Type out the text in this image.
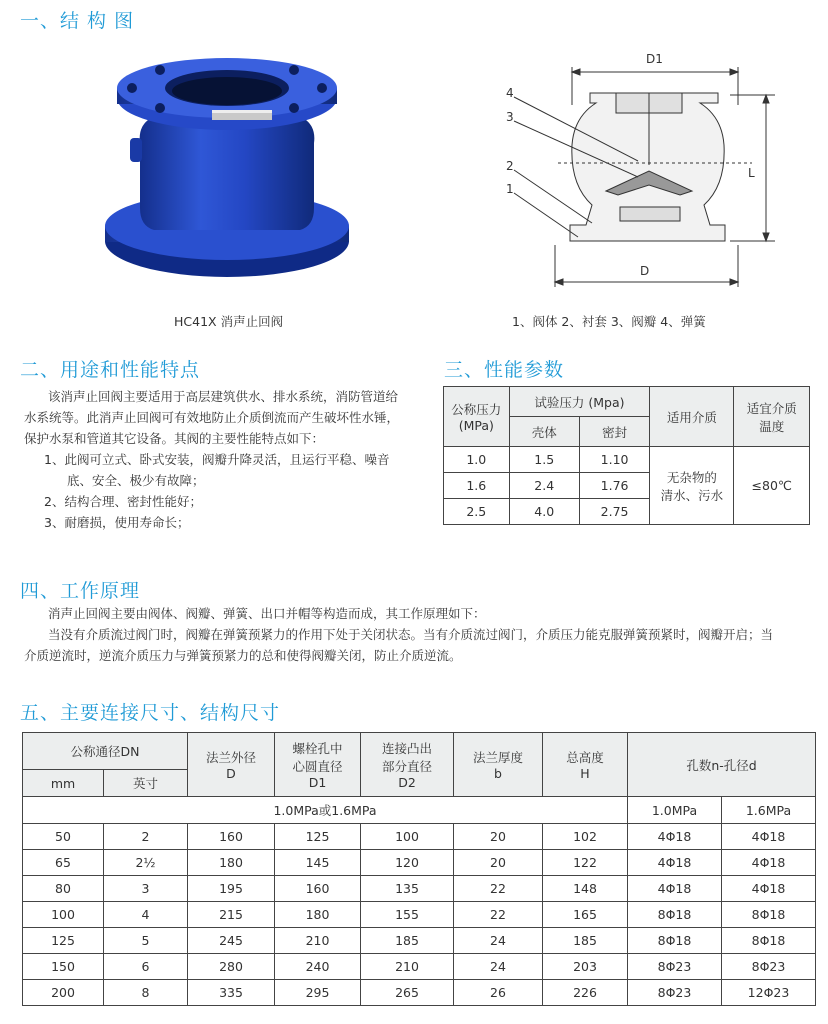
一、结 构 图
HC41X 消声止回阀
D1
D
L
4
3
2
1
1、阀体 2、衬套 3、阀瓣 4、弹簧
二、用途和性能特点
该消声止回阀主要适用于高层建筑供水、排水系统，消防管道给
水系统等。此消声止回阀可有效地防止介质倒流而产生破坏性水锤，
保护水泵和管道其它设备。其阀的主要性能特点如下：
1、此阀可立式、卧式安装，阀瓣升降灵活，且运行平稳、噪音
底、安全、极少有故障；
2、结构合理、密封性能好；
3、耐磨损，使用寿命长；
三、性能参数
公称压力
(MPa)	试验压力 (Mpa)		适用介质	适宜介质
温度

	壳体	密封		
1.0	1.5	1.10	无杂物的
清水、污水	≤80℃
1.6	2.4	1.76		
2.5	4.0	2.75		
四、工作原理
消声止回阀主要由阀体、阀瓣、弹簧、出口并帽等构造而成，其工作原理如下：
当没有介质流过阀门时，阀瓣在弹簧预紧力的作用下处于关闭状态。当有介质流过阀门，介质压力能克服弹簧预紧时，阀瓣开启；当
介质逆流时，逆流介质压力与弹簧预紧力的总和使得阀瓣关闭，防止介质逆流。
五、主要连接尺寸、结构尺寸
公称通径DN		法兰外径
D	螺栓孔中
心圆直径
D1	连接凸出
部分直径
D2	法兰厚度
b	总高度
H	孔数n-孔径d	
mm	英寸							
1.0MPa或1.6MPa							1.0MPa	1.6MPa
50	2	160	125	100	20	102	4Φ18	4Φ18
65	2½	180	145	120	20	122	4Φ18	4Φ18
80	3	195	160	135	22	148	4Φ18	4Φ18
100	4	215	180	155	22	165	8Φ18	8Φ18
125	5	245	210	185	24	185	8Φ18	8Φ18
150	6	280	240	210	24	203	8Φ23	8Φ23
200	8	335	295	265	26	226	8Φ23	12Φ23
